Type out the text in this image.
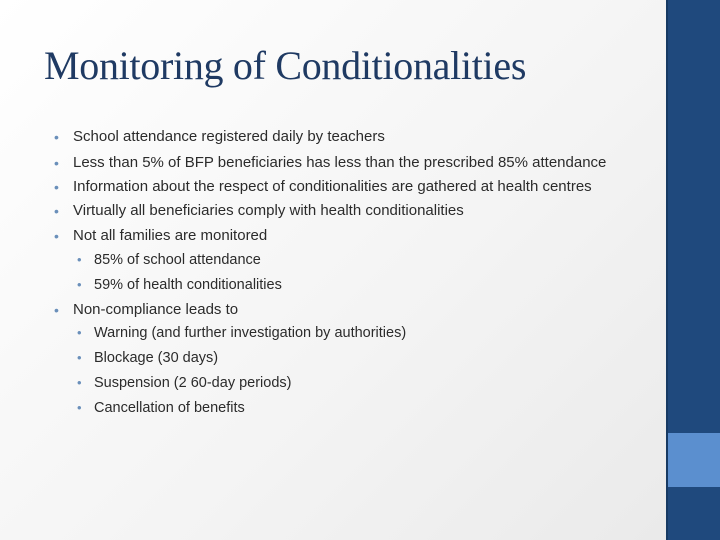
Monitoring of Conditionalities
• School attendance registered daily by teachers
• Less than 5% of BFP beneficiaries has less than the prescribed 85% attendance
• Information about the respect of conditionalities are gathered at health centres
• Virtually all beneficiaries comply with health conditionalities
• Not all families are monitored
• 85% of school attendance
• 59% of health conditionalities
• Non-compliance leads to
• Warning (and further investigation by authorities)
• Blockage (30 days)
• Suspension (2 60-day periods)
• Cancellation of benefits
